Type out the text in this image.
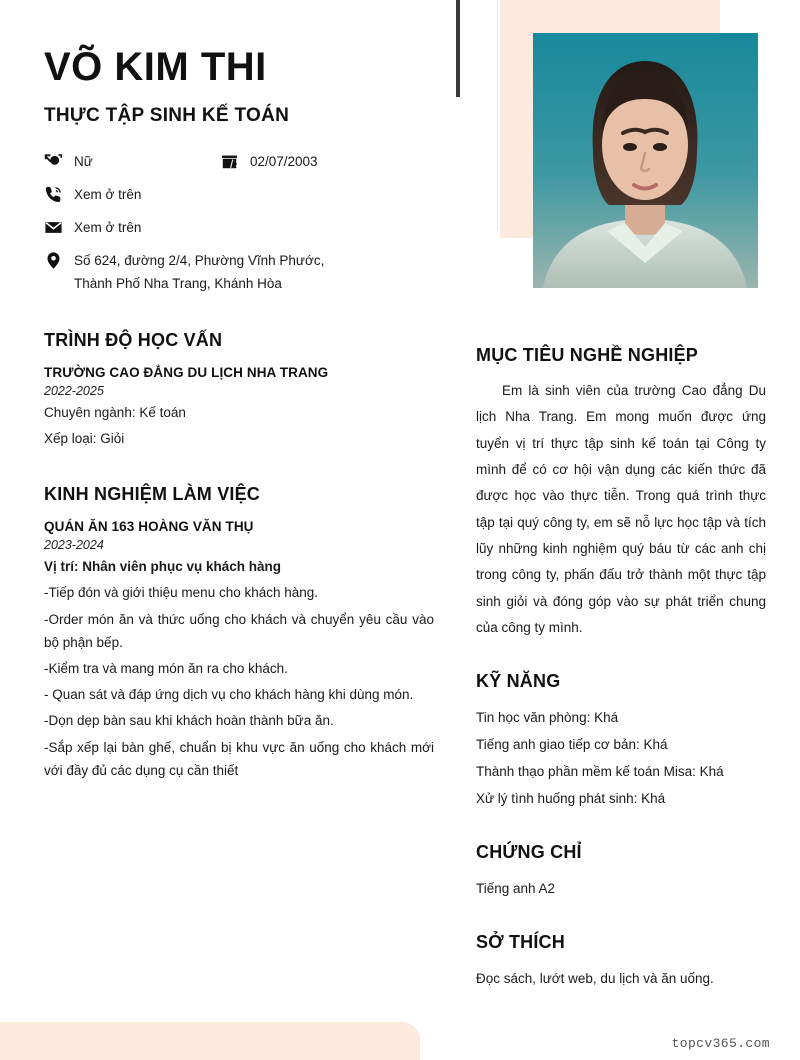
VÕ KIM THI
THỰC TẬP SINH KẾ TOÁN
Nữ	02/07/2003
Xem ở trên
Xem ở trên
Số 624, đường 2/4, Phường Vĩnh Phước,
Thành Phố Nha Trang, Khánh Hòa
TRÌNH ĐỘ HỌC VẤN
TRƯỜNG CAO ĐẲNG DU LỊCH NHA TRANG
2022-2025
Chuyên ngành: Kế toán
Xếp loại: Giỏi
KINH NGHIỆM LÀM VIỆC
QUÁN ĂN 163 HOÀNG VĂN THỤ
2023-2024
Vị trí: Nhân viên phục vụ khách hàng
-Tiếp đón và giới thiệu menu cho khách hàng.
-Order món ăn và thức uống cho khách và chuyển yêu cầu vào bộ phận bếp.
-Kiểm tra và mang món ăn ra cho khách.
- Quan sát và đáp ứng dịch vụ cho khách hàng khi dùng món.
-Dọn dẹp bàn sau khi khách hoàn thành bữa ăn.
-Sắp xếp lại bàn ghế, chuẩn bị khu vực ăn uống cho khách mới với đầy đủ các dụng cụ cần thiết
MỤC TIÊU NGHỀ NGHIỆP

Em là sinh viên của trường Cao đẳng Du lịch Nha Trang. Em mong muốn được ứng tuyển vị trí thực tập sinh kế toán tại Công ty mình để có cơ hội vận dụng các kiến thức đã được học vào thực tiễn. Trong quá trình thực tập tại quý công ty, em sẽ nỗ lực học tập và tích lũy những kinh nghiệm quý báu từ các anh chị trong công ty, phấn đấu trở thành một thực tập sinh giỏi và đóng góp vào sự phát triển chung của công ty mình.

KỸ NĂNG
Tin học văn phòng: Khá
Tiếng anh giao tiếp cơ bản: Khá
Thành thạo phần mềm kế toán Misa: Khá
Xử lý tình huống phát sinh: Khá
CHỨNG CHỈ
Tiếng anh A2
SỞ THÍCH
Đọc sách, lướt web, du lịch và ăn uống.
topcv365.com
